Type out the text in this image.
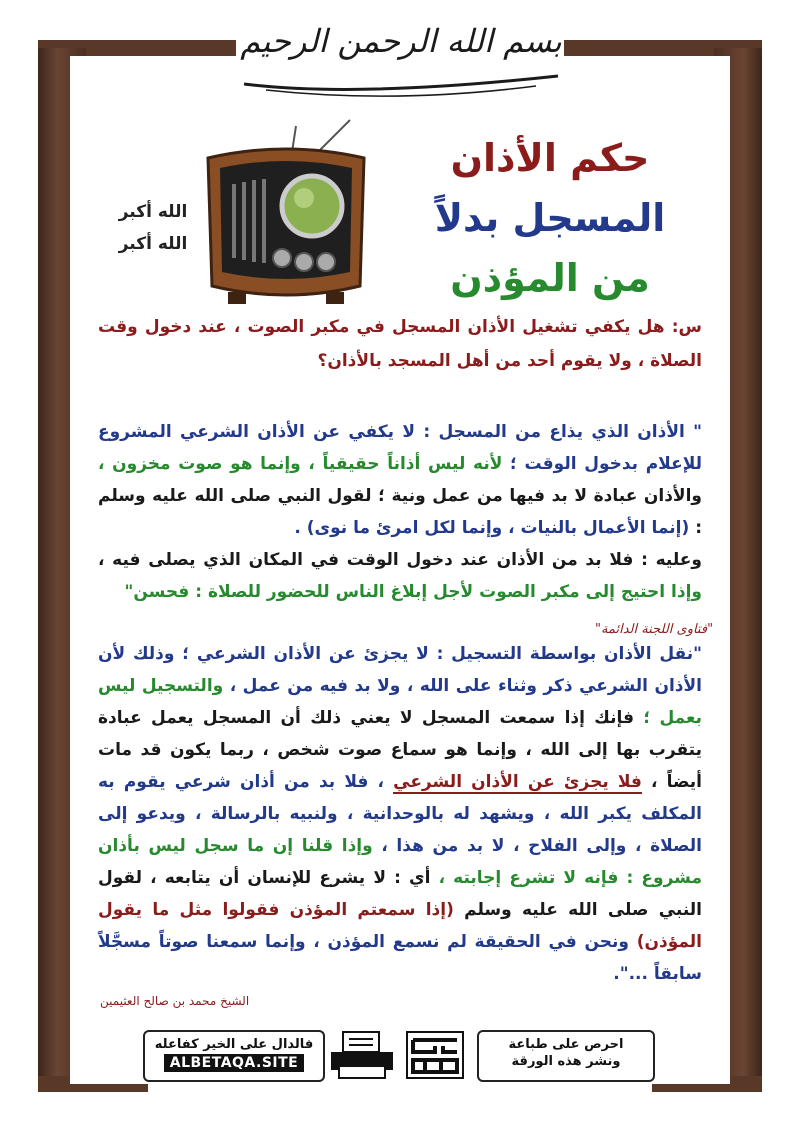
بسم الله الرحمن الرحيم
الله أكبر
الله أكبر
حكم الأذان
المسجل بدلاً
من المؤذن

س: هل يكفي تشغيل الأذان المسجل في مكبر الصوت ، عند دخول وقت الصلاة ، ولا يقوم أحد من أهل المسجد بالأذان؟

" الأذان الذي يذاع من المسجل : لا يكفي عن الأذان الشرعي المشروع للإعلام بدخول الوقت ؛ لأنه ليس أذاناً حقيقياً ، وإنما هو صوت مخزون ، والأذان عبادة لا بد فيها من عمل ونية ؛ لقول النبي صلى الله عليه وسلم : (إنما الأعمال بالنيات ، وإنما لكل امرئ ما نوى) .
وعليه : فلا بد من الأذان عند دخول الوقت في المكان الذي يصلى فيه ، وإذا احتيج إلى مكبر الصوت لأجل إبلاغ الناس للحضور للصلاة : فحسن"

"نقل الأذان بواسطة التسجيل : لا يجزئ عن الأذان الشرعي ؛ وذلك لأن الأذان الشرعي ذكر وثناء على الله ، ولا بد فيه من عمل ، والتسجيل ليس بعمل ؛ فإنك إذا سمعت المسجل لا يعني ذلك أن المسجل يعمل عبادة يتقرب بها إلى الله ، وإنما هو سماع صوت شخص ، ربما يكون قد مات أيضاً ، فلا يجزئ عن الأذان الشرعي ، فلا بد من أذان شرعي يقوم به المكلف يكبر الله ، ويشهد له بالوحدانية ، ولنبيه بالرسالة ، ويدعو إلى الصلاة ، وإلى الفلاح ، لا بد من هذا ، وإذا قلنا إن ما سجل ليس بأذان مشروع : فإنه لا تشرع إجابته ، أي : لا يشرع للإنسان أن يتابعه ، لقول النبي صلى الله عليه وسلم (إذا سمعتم المؤذن فقولوا مثل ما يقول المؤذن) ونحن في الحقيقة لم نسمع المؤذن ، وإنما سمعنا صوتاً مسجَّلاً سابقاً ...".

"فتاوى اللجنة الدائمة"
الشيخ محمد بن صالح العثيمين
فالدال على الخير كفاعله
ALBETAQA.SITE
احرص على طباعة
ونشر هذه الورقة
